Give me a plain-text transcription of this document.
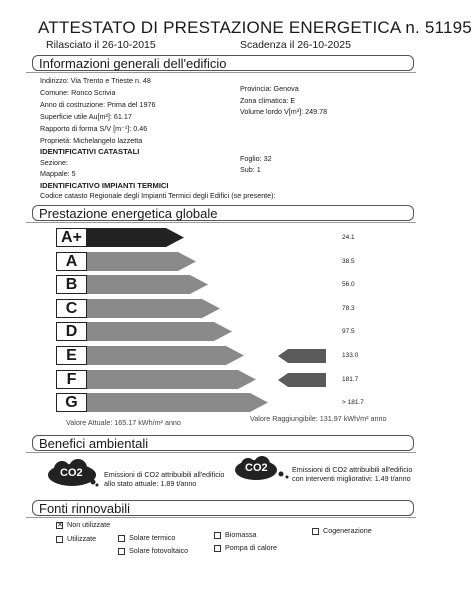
ATTESTATO DI PRESTAZIONE ENERGETICA n. 51195
Rilasciato il 26-10-2015	Scadenza il 26-10-2025
Informazioni generali dell'edificio
Indirizzo: Via Trento e Trieste n. 48
Comune: Ronco Scrivia
Anno di costruzione: Prima del 1976
Superficie utile Au[m²]: 61.17
Rapporto di forma S/V [m⁻¹]: 0.46
Proprietà: Michelangelo lazzetta
Provincia: Genova
Zona climatica: E
Volume lordo V[m³]: 249.78
IDENTIFICATIVI CATASTALI
Sezione:
Mappale: 5
Foglio: 32
Sub: 1
IDENTIFICATIVO IMPIANTI TERMICI
Codice catasto Regionale degli Impianti Termici degli Edifici (se presente):
Prestazione energetica globale
A+	24.1
A	38.5
B	56.0
C	78.3
D	97.5
E	133.0
F	181.7
G	> 181.7
Valore Attuale: 165.17 kWh/m² anno	Valore Raggiungibile: 131.97 kWh/m² anno
Benefici ambientali
CO2	Emissioni di CO2 attribuibili all'edificio
allo stato attuale: 1.89 t/anno
CO2	Emissioni di CO2 attribuibili all'edificio
con interventi migliorativi: 1.49 t/anno
Fonti rinnovabili
✕ Non utilizzate
Utilizzate	Solare termico	Biomassa	Cogenerazione
Solare fotovoltaico	Pompa di calore
